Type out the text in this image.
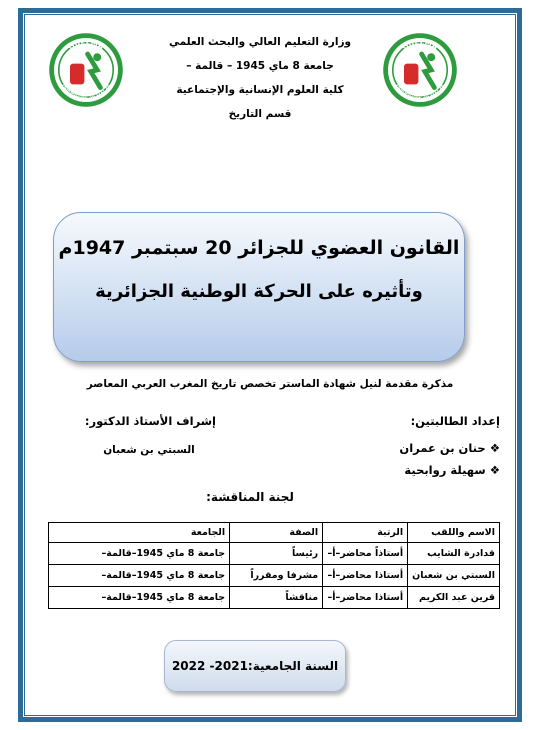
GUELMA
UNIVERSITE 08 MAI 45
GUELMA
UNIVERSITE 08 MAI 45
وزارة التعليم العالي والبحث العلمي
جامعة 8 ماي 1945 – قالمة –
كلية العلوم الإنسانية والإجتماعية
قسم التاريخ
القانون العضوي للجزائر 20 سبتمبر 1947م
وتأثيره على الحركة الوطنية الجزائرية
مذكرة مقدمة لنيل شهادة الماستر تخصص تاريخ المغرب العربي المعاصر
إعداد الطالبتين:
❖ حنان بن عمران
❖ سهيلة روابحية
إشراف الأستاذ الدكتور:
السبتي بن شعبان
لجنة المناقشة:
الاسم واللقب	الرتبة	الصفة	الجامعة
قدادرة الشايب	أستاذاً محاضر–أ–	رئيساً	جامعة 8 ماي 1945–قالمة–
السبتي بن شعبان	أستاذا محاضر–أ–	مشرفا ومقرراً	جامعة 8 ماي 1945–قالمة–
قرين عبد الكريم	أستاذا محاضر–أ–	مناقشاً	جامعة 8 ماي 1945–قالمة–
السنة الجامعية:2021- 2022
